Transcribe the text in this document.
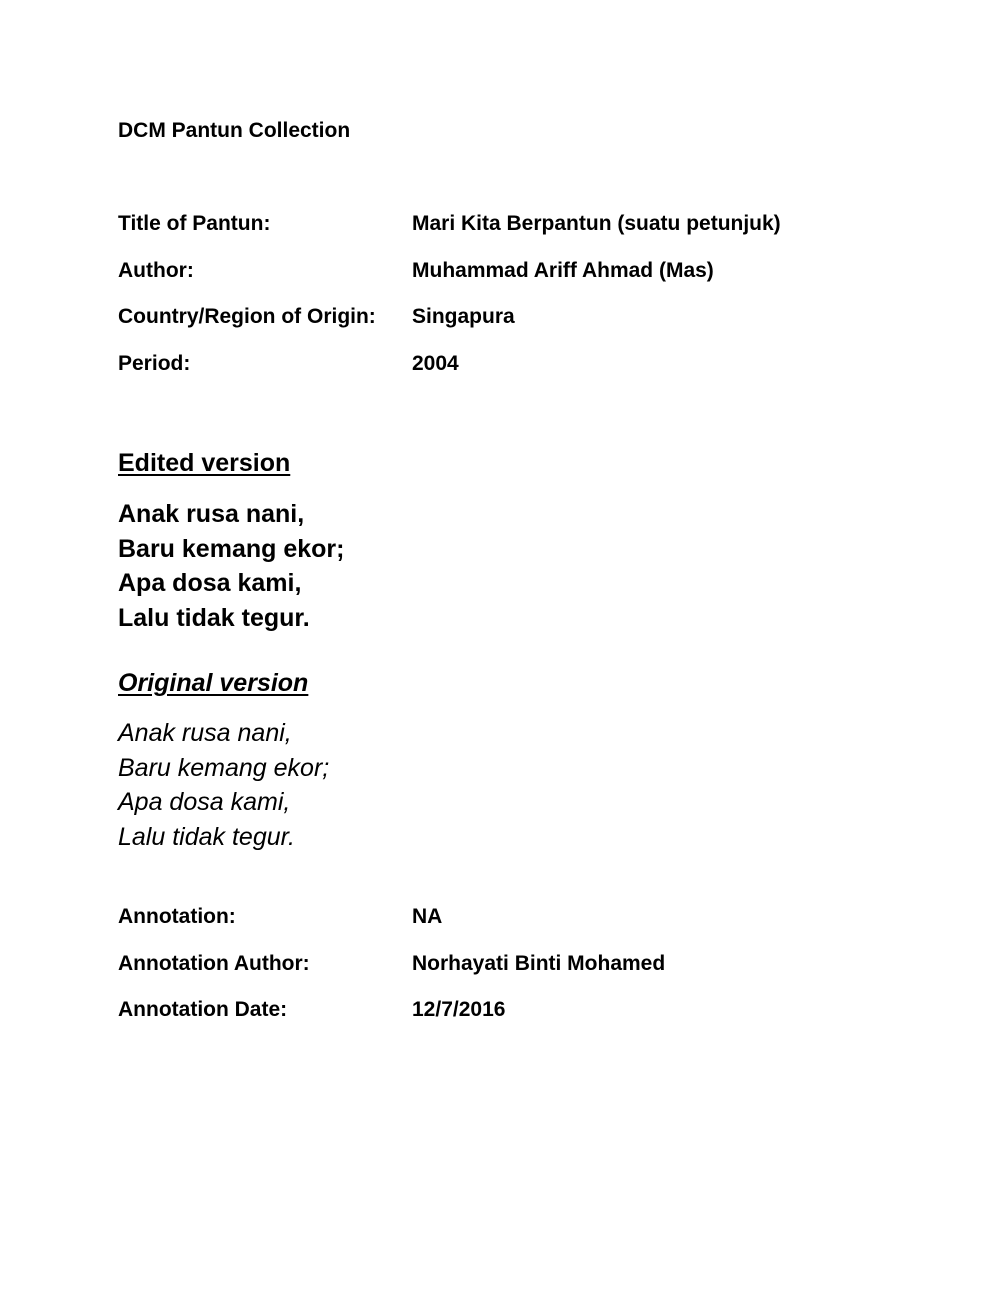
DCM Pantun Collection
Title of Pantun:	Mari Kita Berpantun (suatu petunjuk)
Author:	Muhammad Ariff Ahmad (Mas)
Country/Region of Origin: Singapura
Period:	2004
Edited version
Anak rusa nani,
Baru kemang ekor;
Apa dosa kami,
Lalu tidak tegur.
Original version
Anak rusa nani,
Baru kemang ekor;
Apa dosa kami,
Lalu tidak tegur.
Annotation:	NA
Annotation Author:	Norhayati Binti Mohamed
Annotation Date:	12/7/2016
